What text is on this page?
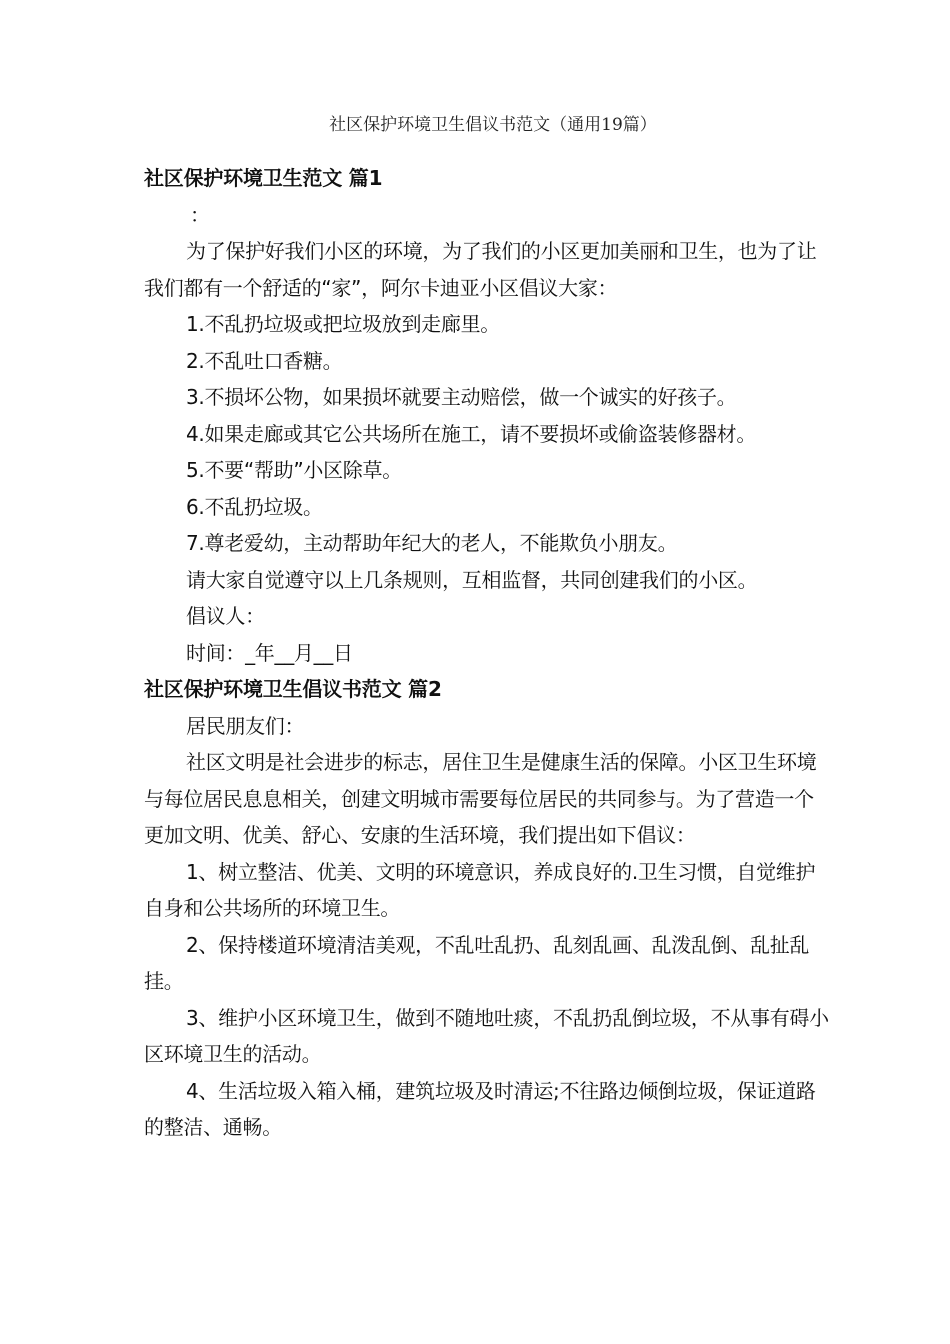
社区保护环境卫生倡议书范文（通用19篇）
社区保护环境卫生范文 篇1
：
为了保护好我们小区的环境，为了我们的小区更加美丽和卫生，也为了让我们都有一个舒适的“家”，阿尔卡迪亚小区倡议大家：
1.不乱扔垃圾或把垃圾放到走廊里。
2.不乱吐口香糖。
3.不损坏公物，如果损坏就要主动赔偿，做一个诚实的好孩子。
4.如果走廊或其它公共场所在施工，请不要损坏或偷盗装修器材。
5.不要“帮助”小区除草。
6.不乱扔垃圾。
7.尊老爱幼，主动帮助年纪大的老人，不能欺负小朋友。
请大家自觉遵守以上几条规则，互相监督，共同创建我们的小区。
倡议人：
时间：_年__月__日
社区保护环境卫生倡议书范文 篇2
居民朋友们：
社区文明是社会进步的标志，居住卫生是健康生活的保障。小区卫生环境与每位居民息息相关，创建文明城市需要每位居民的共同参与。为了营造一个更加文明、优美、舒心、安康的生活环境，我们提出如下倡议：
1、树立整洁、优美、文明的环境意识，养成良好的.卫生习惯，自觉维护自身和公共场所的环境卫生。
2、保持楼道环境清洁美观，不乱吐乱扔、乱刻乱画、乱泼乱倒、乱扯乱挂。
3、维护小区环境卫生，做到不随地吐痰，不乱扔乱倒垃圾，不从事有碍小区环境卫生的活动。
4、生活垃圾入箱入桶，建筑垃圾及时清运;不往路边倾倒垃圾，保证道路的整洁、通畅。
